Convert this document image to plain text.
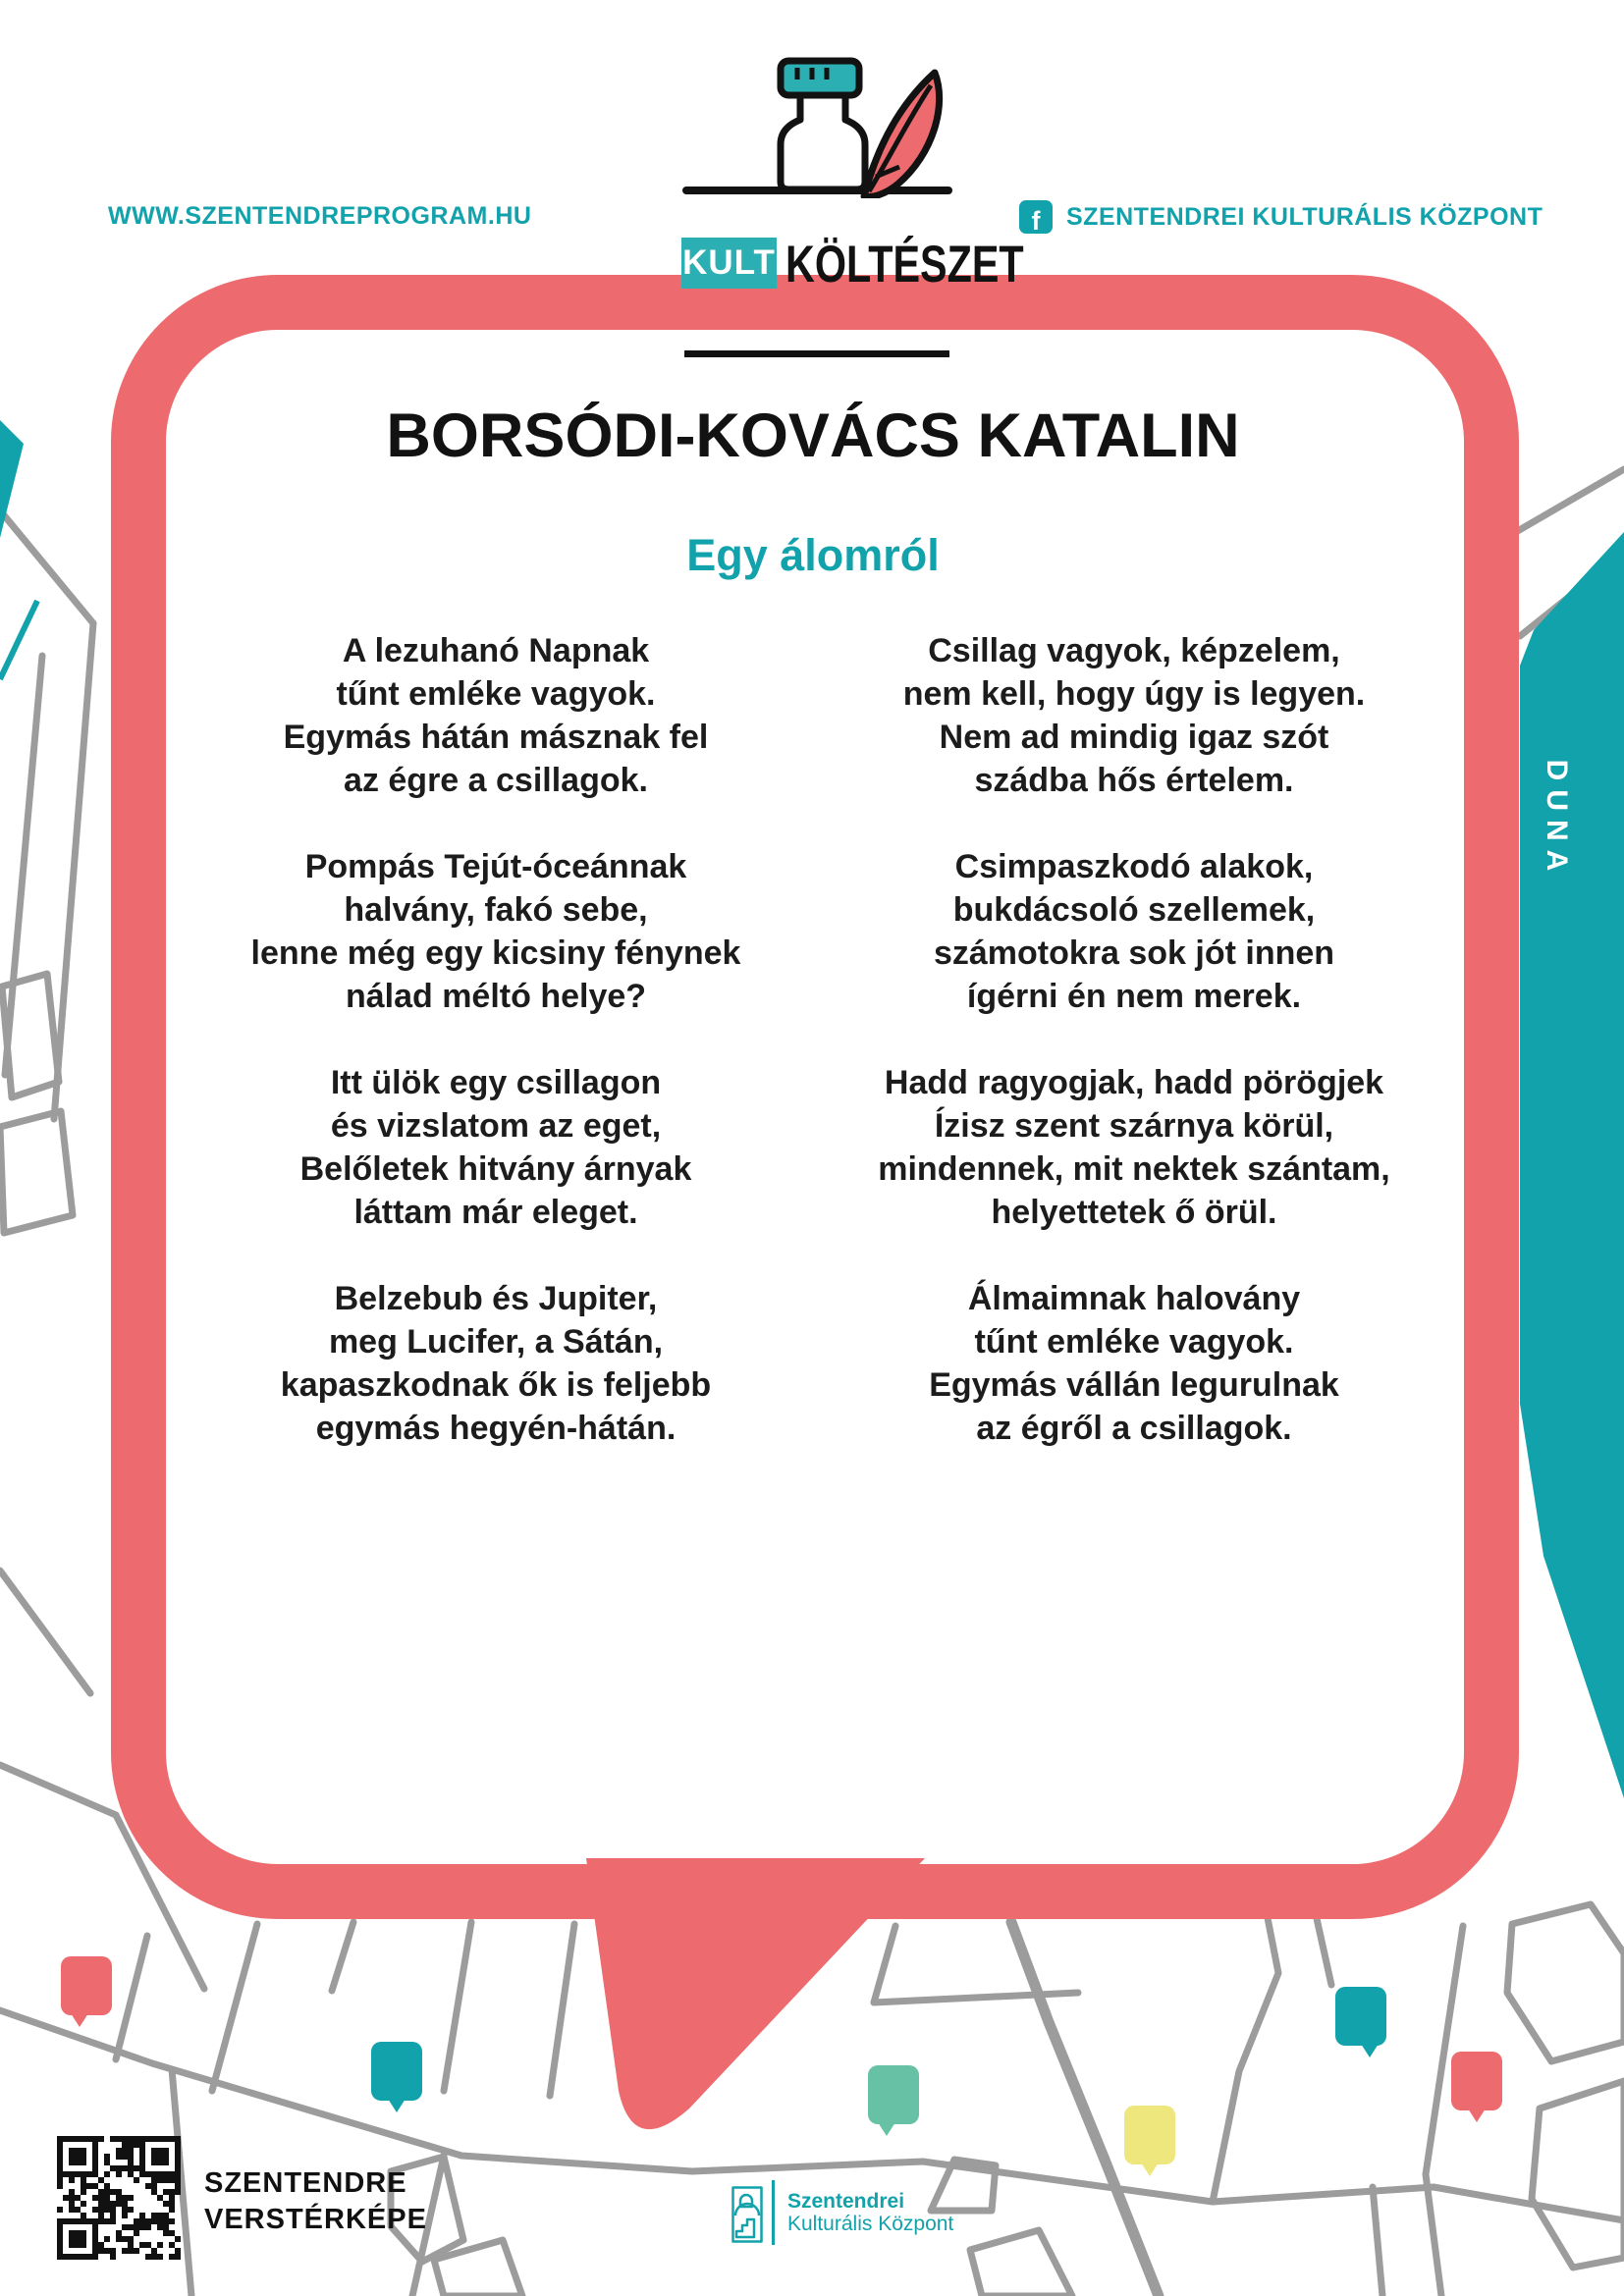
WWW.SZENTENDREPROGRAM.HU	f	SZENTENDREI KULTURÁLIS KÖZPONT
KULT KÖLTÉSZET
A KÖLTŐ TE MAGAD LÉGY!
BORSÓDI-KOVÁCS KATALIN
Egy álomról
A lezuhanó Napnak
tűnt emléke vagyok.
Egymás hátán másznak fel
az égre a csillagok.
Pompás Tejút-óceánnak
halvány, fakó sebe,
lenne még egy kicsiny fénynek
nálad méltó helye?
Itt ülök egy csillagon
és vizslatom az eget,
Belőletek hitvány árnyak
láttam már eleget.
Belzebub és Jupiter,
meg Lucifer, a Sátán,
kapaszkodnak ők is feljebb
egymás hegyén-hátán.
Csillag vagyok, képzelem,
nem kell, hogy úgy is legyen.
Nem ad mindig igaz szót
szádba hős értelem.
Csimpaszkodó alakok,
bukdácsoló szellemek,
számotokra sok jót innen
ígérni én nem merek.
Hadd ragyogjak, hadd pörögjek
Ízisz szent szárnya körül,
mindennek, mit nektek szántam,
helyettetek ő örül.
Álmaimnak halovány
tűnt emléke vagyok.
Egymás vállán legurulnak
az égről a csillagok.
DUNA
SZENTENDRE
VERSTÉRKÉPE
Szentendrei
Kulturális Központ
